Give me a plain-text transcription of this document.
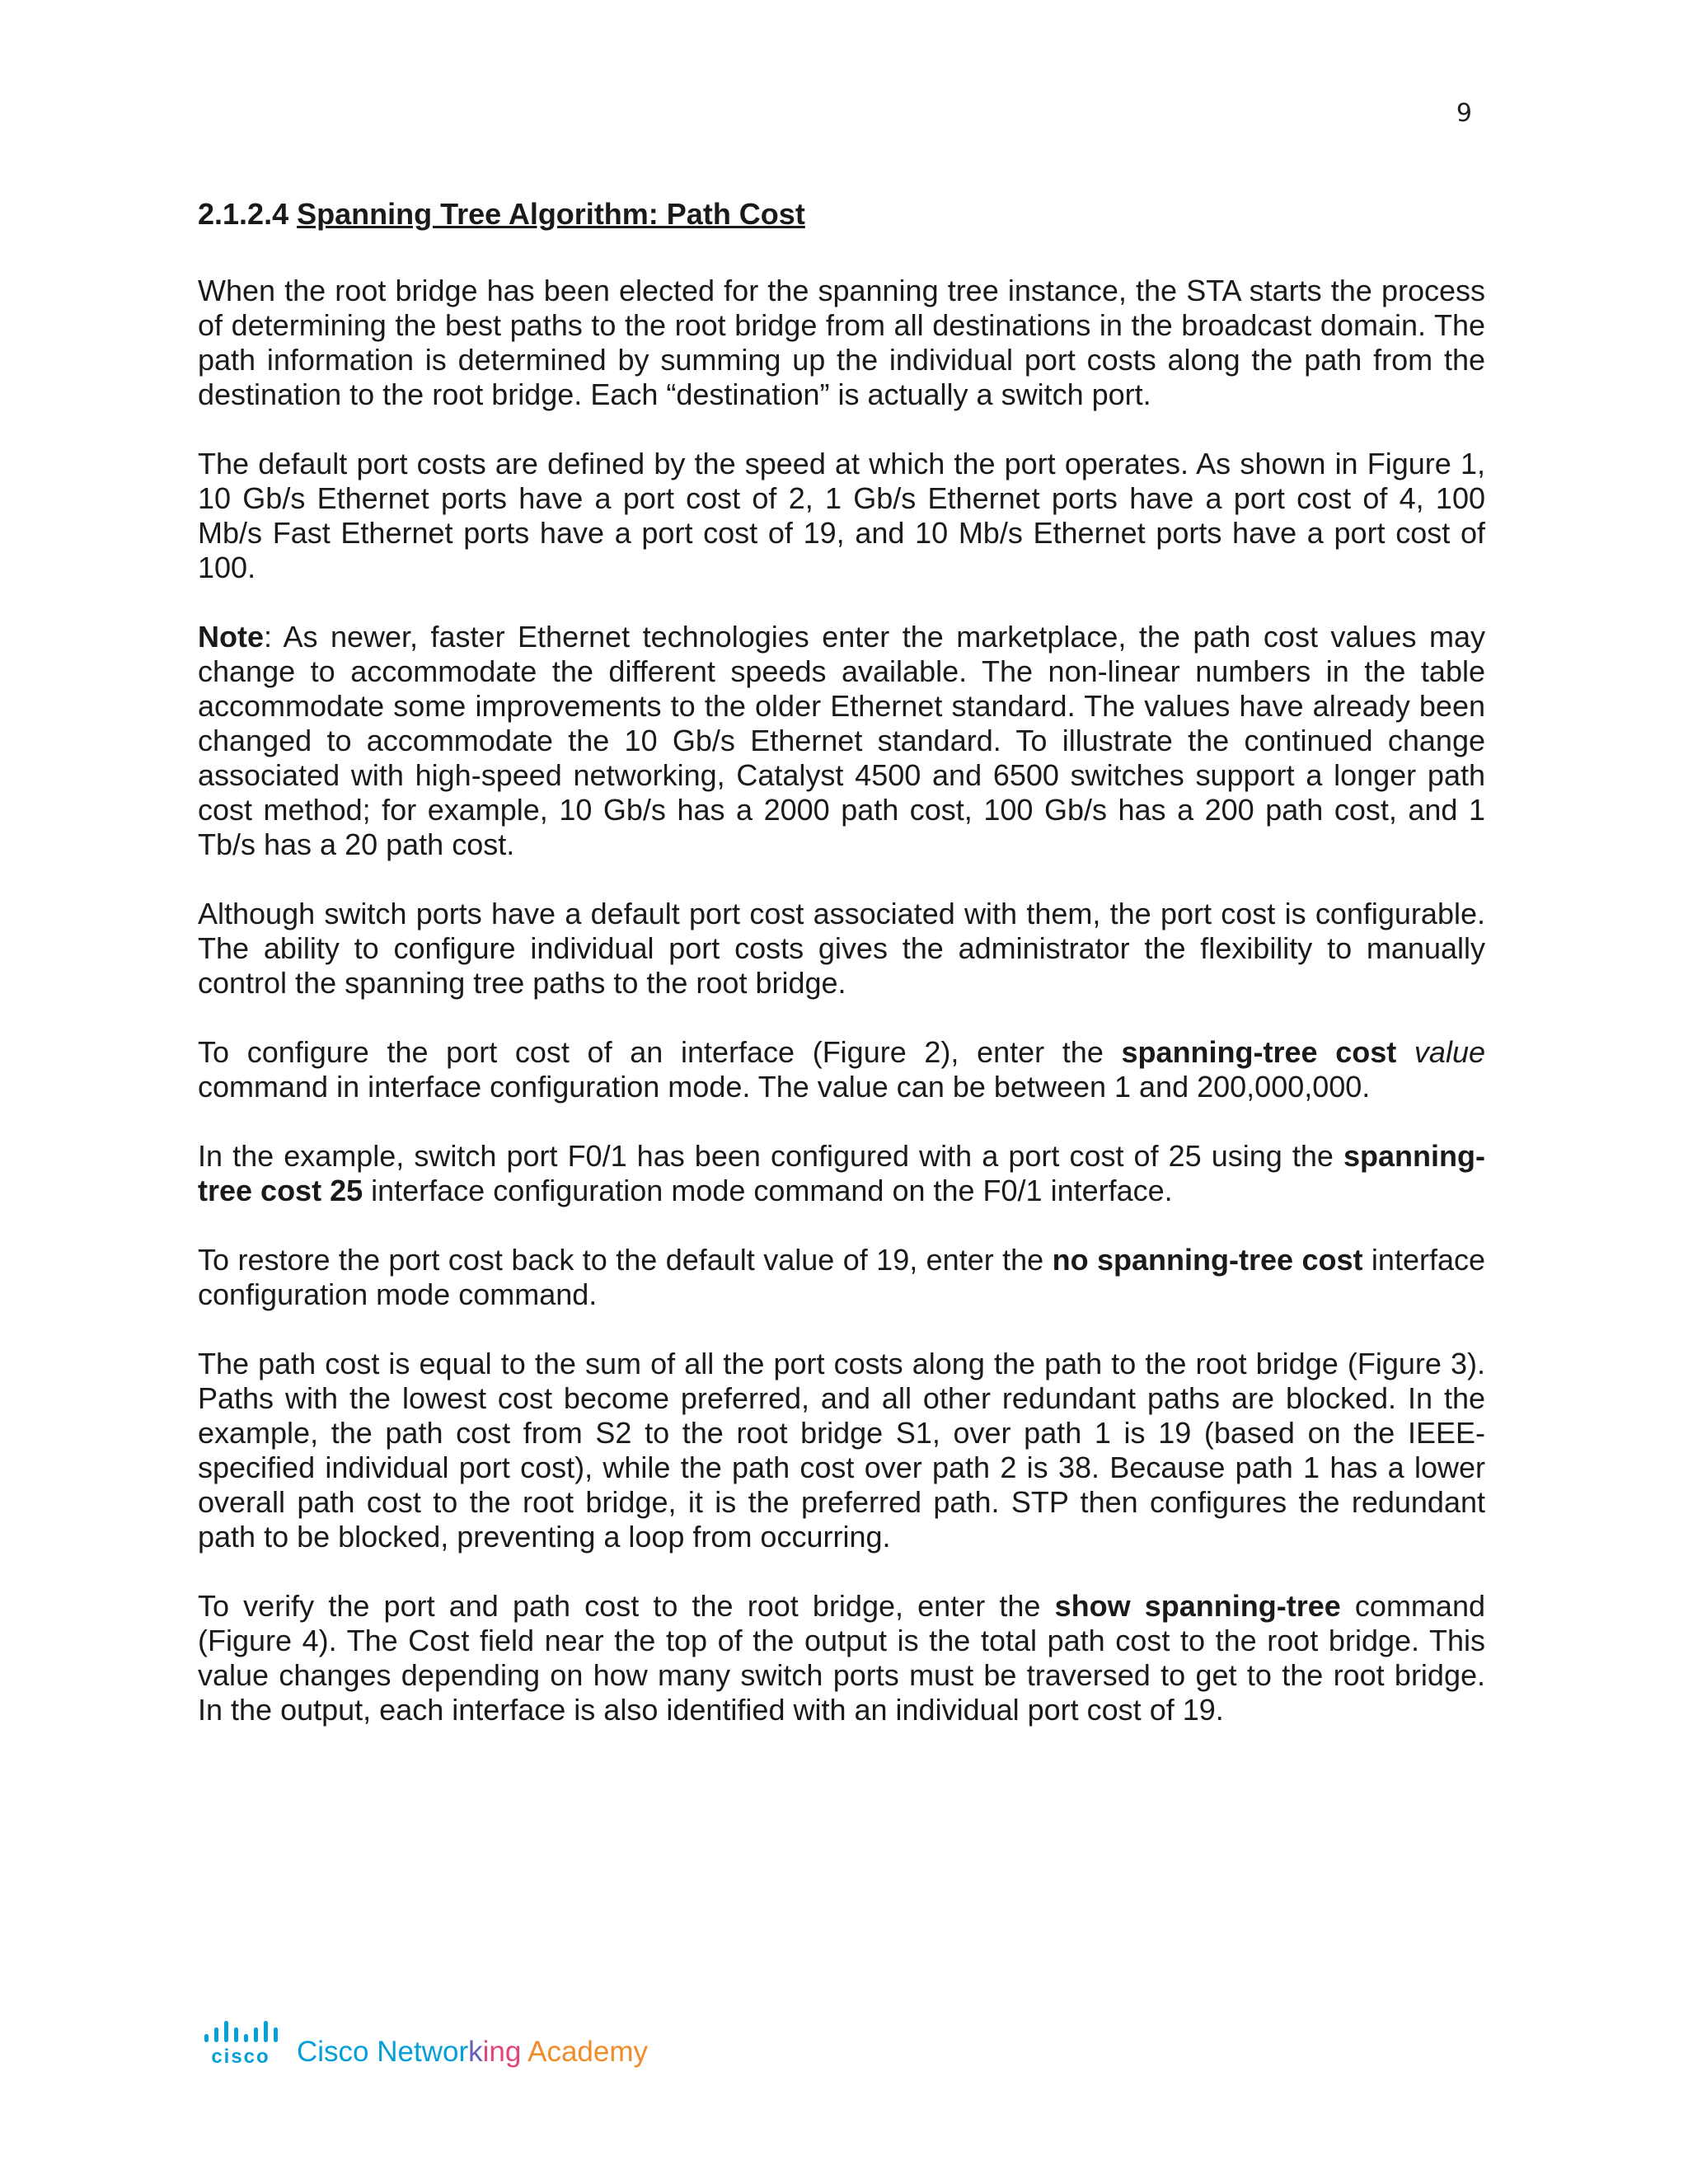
9
2.1.2.4 Spanning Tree Algorithm: Path Cost

When the root bridge has been elected for the spanning tree instance, the STA starts the process of determining the best paths to the root bridge from all destinations in the broadcast domain. The path information is determined by summing up the individual port costs along the path from the destination to the root bridge. Each “destination” is actually a switch port.

The default port costs are defined by the speed at which the port operates. As shown in Figure 1, 10 Gb/s Ethernet ports have a port cost of 2, 1 Gb/s Ethernet ports have a port cost of 4, 100 Mb/s Fast Ethernet ports have a port cost of 19, and 10 Mb/s Ethernet ports have a port cost of 100.

Note: As newer, faster Ethernet technologies enter the marketplace, the path cost values may change to accommodate the different speeds available. The non-linear numbers in the table accommodate some improvements to the older Ethernet standard. The values have already been changed to accommodate the 10 Gb/s Ethernet standard. To illustrate the continued change associated with high-speed networking, Catalyst 4500 and 6500 switches support a longer path cost method; for example, 10 Gb/s has a 2000 path cost, 100 Gb/s has a 200 path cost, and 1 Tb/s has a 20 path cost.

Although switch ports have a default port cost associated with them, the port cost is configurable. The ability to configure individual port costs gives the administrator the flexibility to manually control the spanning tree paths to the root bridge.

To configure the port cost of an interface (Figure 2), enter the spanning-tree cost value command in interface configuration mode. The value can be between 1 and 200,000,000.

In the example, switch port F0/1 has been configured with a port cost of 25 using the spanning-tree cost 25 interface configuration mode command on the F0/1 interface.

To restore the port cost back to the default value of 19, enter the no spanning-tree cost interface configuration mode command.

The path cost is equal to the sum of all the port costs along the path to the root bridge (Figure 3). Paths with the lowest cost become preferred, and all other redundant paths are blocked. In the example, the path cost from S2 to the root bridge S1, over path 1 is 19 (based on the IEEE-specified individual port cost), while the path cost over path 2 is 38. Because path 1 has a lower overall path cost to the root bridge, it is the preferred path. STP then configures the redundant path to be blocked, preventing a loop from occurring.

To verify the port and path cost to the root bridge, enter the show spanning-tree command (Figure 4). The Cost field near the top of the output is the total path cost to the root bridge. This value changes depending on how many switch ports must be traversed to get to the root bridge. In the output, each interface is also identified with an individual port cost of 19.

cisco Cisco Networking Academy
